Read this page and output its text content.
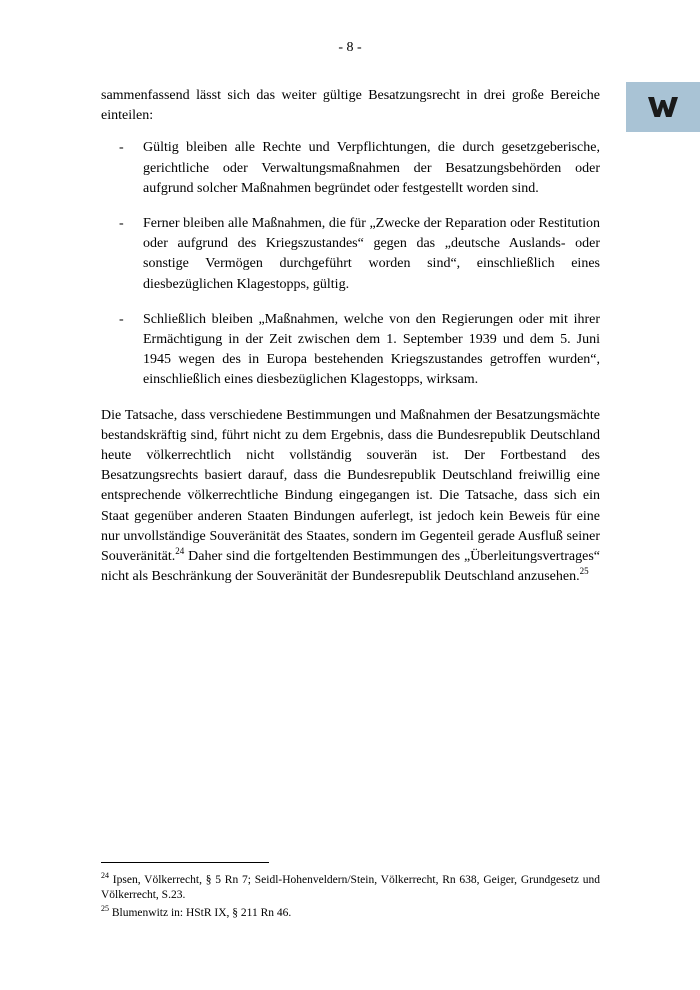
- 8 -

sammenfassend lässt sich das weiter gültige Besatzungsrecht in drei große Bereiche einteilen:

-	Gültig bleiben alle Rechte und Verpflichtungen, die durch gesetzgeberische, gerichtliche oder Verwaltungsmaßnahmen der Besatzungsbehörden oder aufgrund solcher Maßnahmen begründet oder festgestellt worden sind.
-	Ferner bleiben alle Maßnahmen, die für „Zwecke der Reparation oder Restitution oder aufgrund des Kriegszustandes“ gegen das „deutsche Auslands- oder sonstige Vermögen durchgeführt worden sind“, einschließlich eines diesbezüglichen Klagestopps, gültig.
-	Schließlich bleiben „Maßnahmen, welche von den Regierungen oder mit ihrer Ermächtigung in der Zeit zwischen dem 1. September 1939 und dem 5. Juni 1945 wegen des in Europa bestehenden Kriegszustandes getroffen wurden“, einschließlich eines diesbezüglichen Klagestopps, wirksam.

Die Tatsache, dass verschiedene Bestimmungen und Maßnahmen der Besatzungsmächte bestandskräftig sind, führt nicht zu dem Ergebnis, dass die Bundesrepublik Deutschland heute völkerrechtlich nicht vollständig souverän ist. Der Fortbestand des Besatzungsrechts basiert darauf, dass die Bundesrepublik Deutschland freiwillig eine entsprechende völkerrechtliche Bindung eingegangen ist. Die Tatsache, dass sich ein Staat gegenüber anderen Staaten Bindungen auferlegt, ist jedoch kein Beweis für eine nur unvollständige Souveränität des Staates, sondern im Gegenteil gerade Ausfluß seiner Souveränität.$^{24}$ Daher sind die fortgeltenden Bestimmungen des „Überleitungsvertrages“ nicht als Beschränkung der Souveränität der Bundesrepublik Deutschland anzusehen.$^{25}$

$^{24}$ Ipsen, Völkerrecht, § 5 Rn 7; Seidl-Hohenveldern/Stein, Völkerrecht, Rn 638, Geiger, Grundgesetz und Völkerrecht, S.23.

$^{25}$ Blumenwitz in: HStR IX, § 211 Rn 46.
